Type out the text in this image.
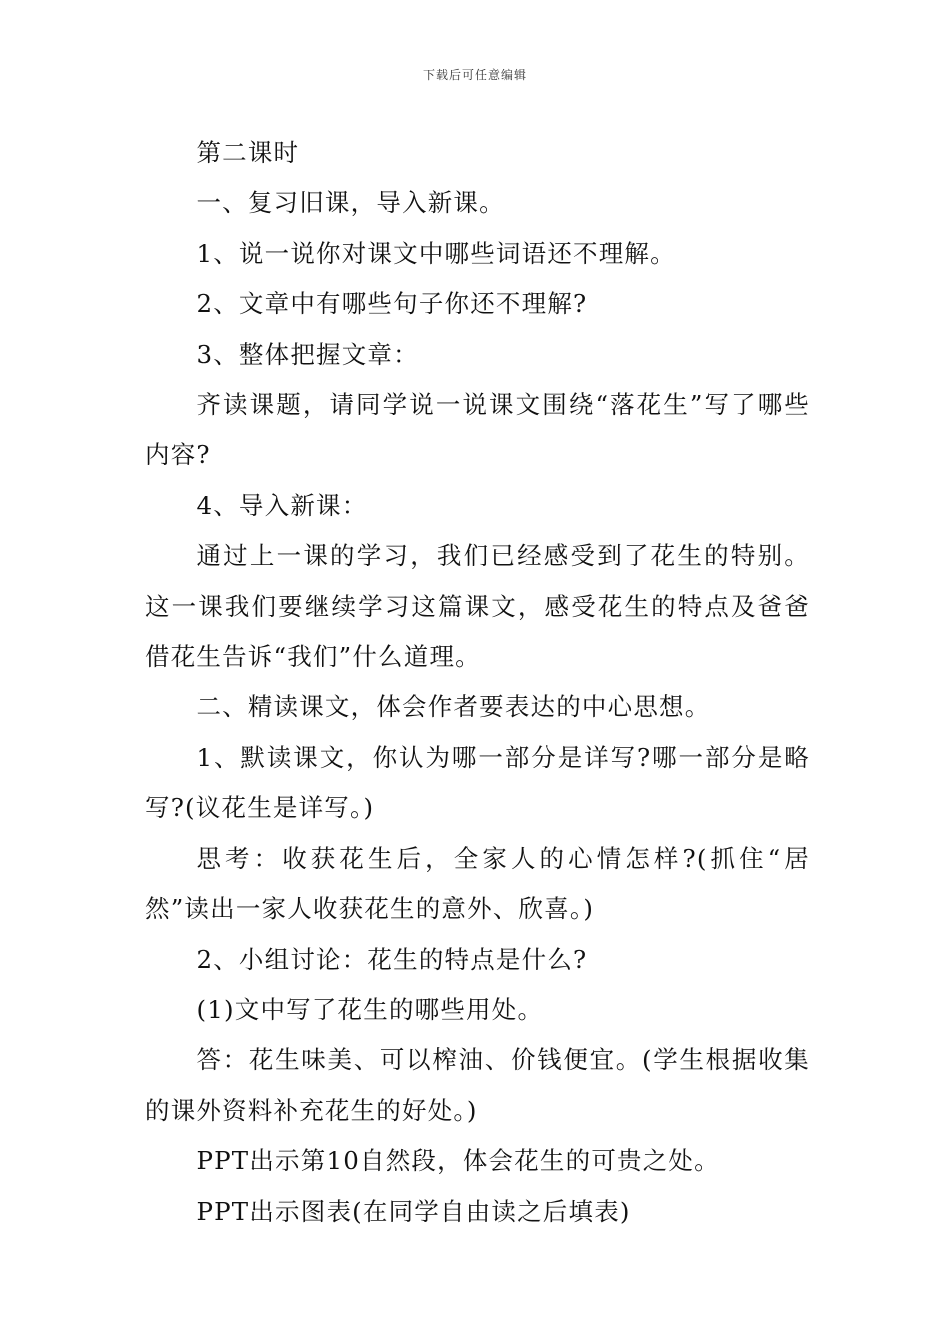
下载后可任意编辑

第二课时

一、复习旧课，导入新课。

1、说一说你对课文中哪些词语还不理解。

2、文章中有哪些句子你还不理解?

3、整体把握文章：

齐读课题，请同学说一说课文围绕“落花生”写了哪些内容?

4、导入新课：

通过上一课的学习，我们已经感受到了花生的特别。这一课我们要继续学习这篇课文，感受花生的特点及爸爸借花生告诉“我们”什么道理。

二、精读课文，体会作者要表达的中心思想。

1、默读课文，你认为哪一部分是详写?哪一部分是略写?(议花生是详写。)

思考：收获花生后，全家人的心情怎样?(抓住“居然”读出一家人收获花生的意外、欣喜。)

2、小组讨论：花生的特点是什么?

(1)文中写了花生的哪些用处。

答：花生味美、可以榨油、价钱便宜。(学生根据收集的课外资料补充花生的好处。)

PPT出示第10自然段，体会花生的可贵之处。

PPT出示图表(在同学自由读之后填表)
